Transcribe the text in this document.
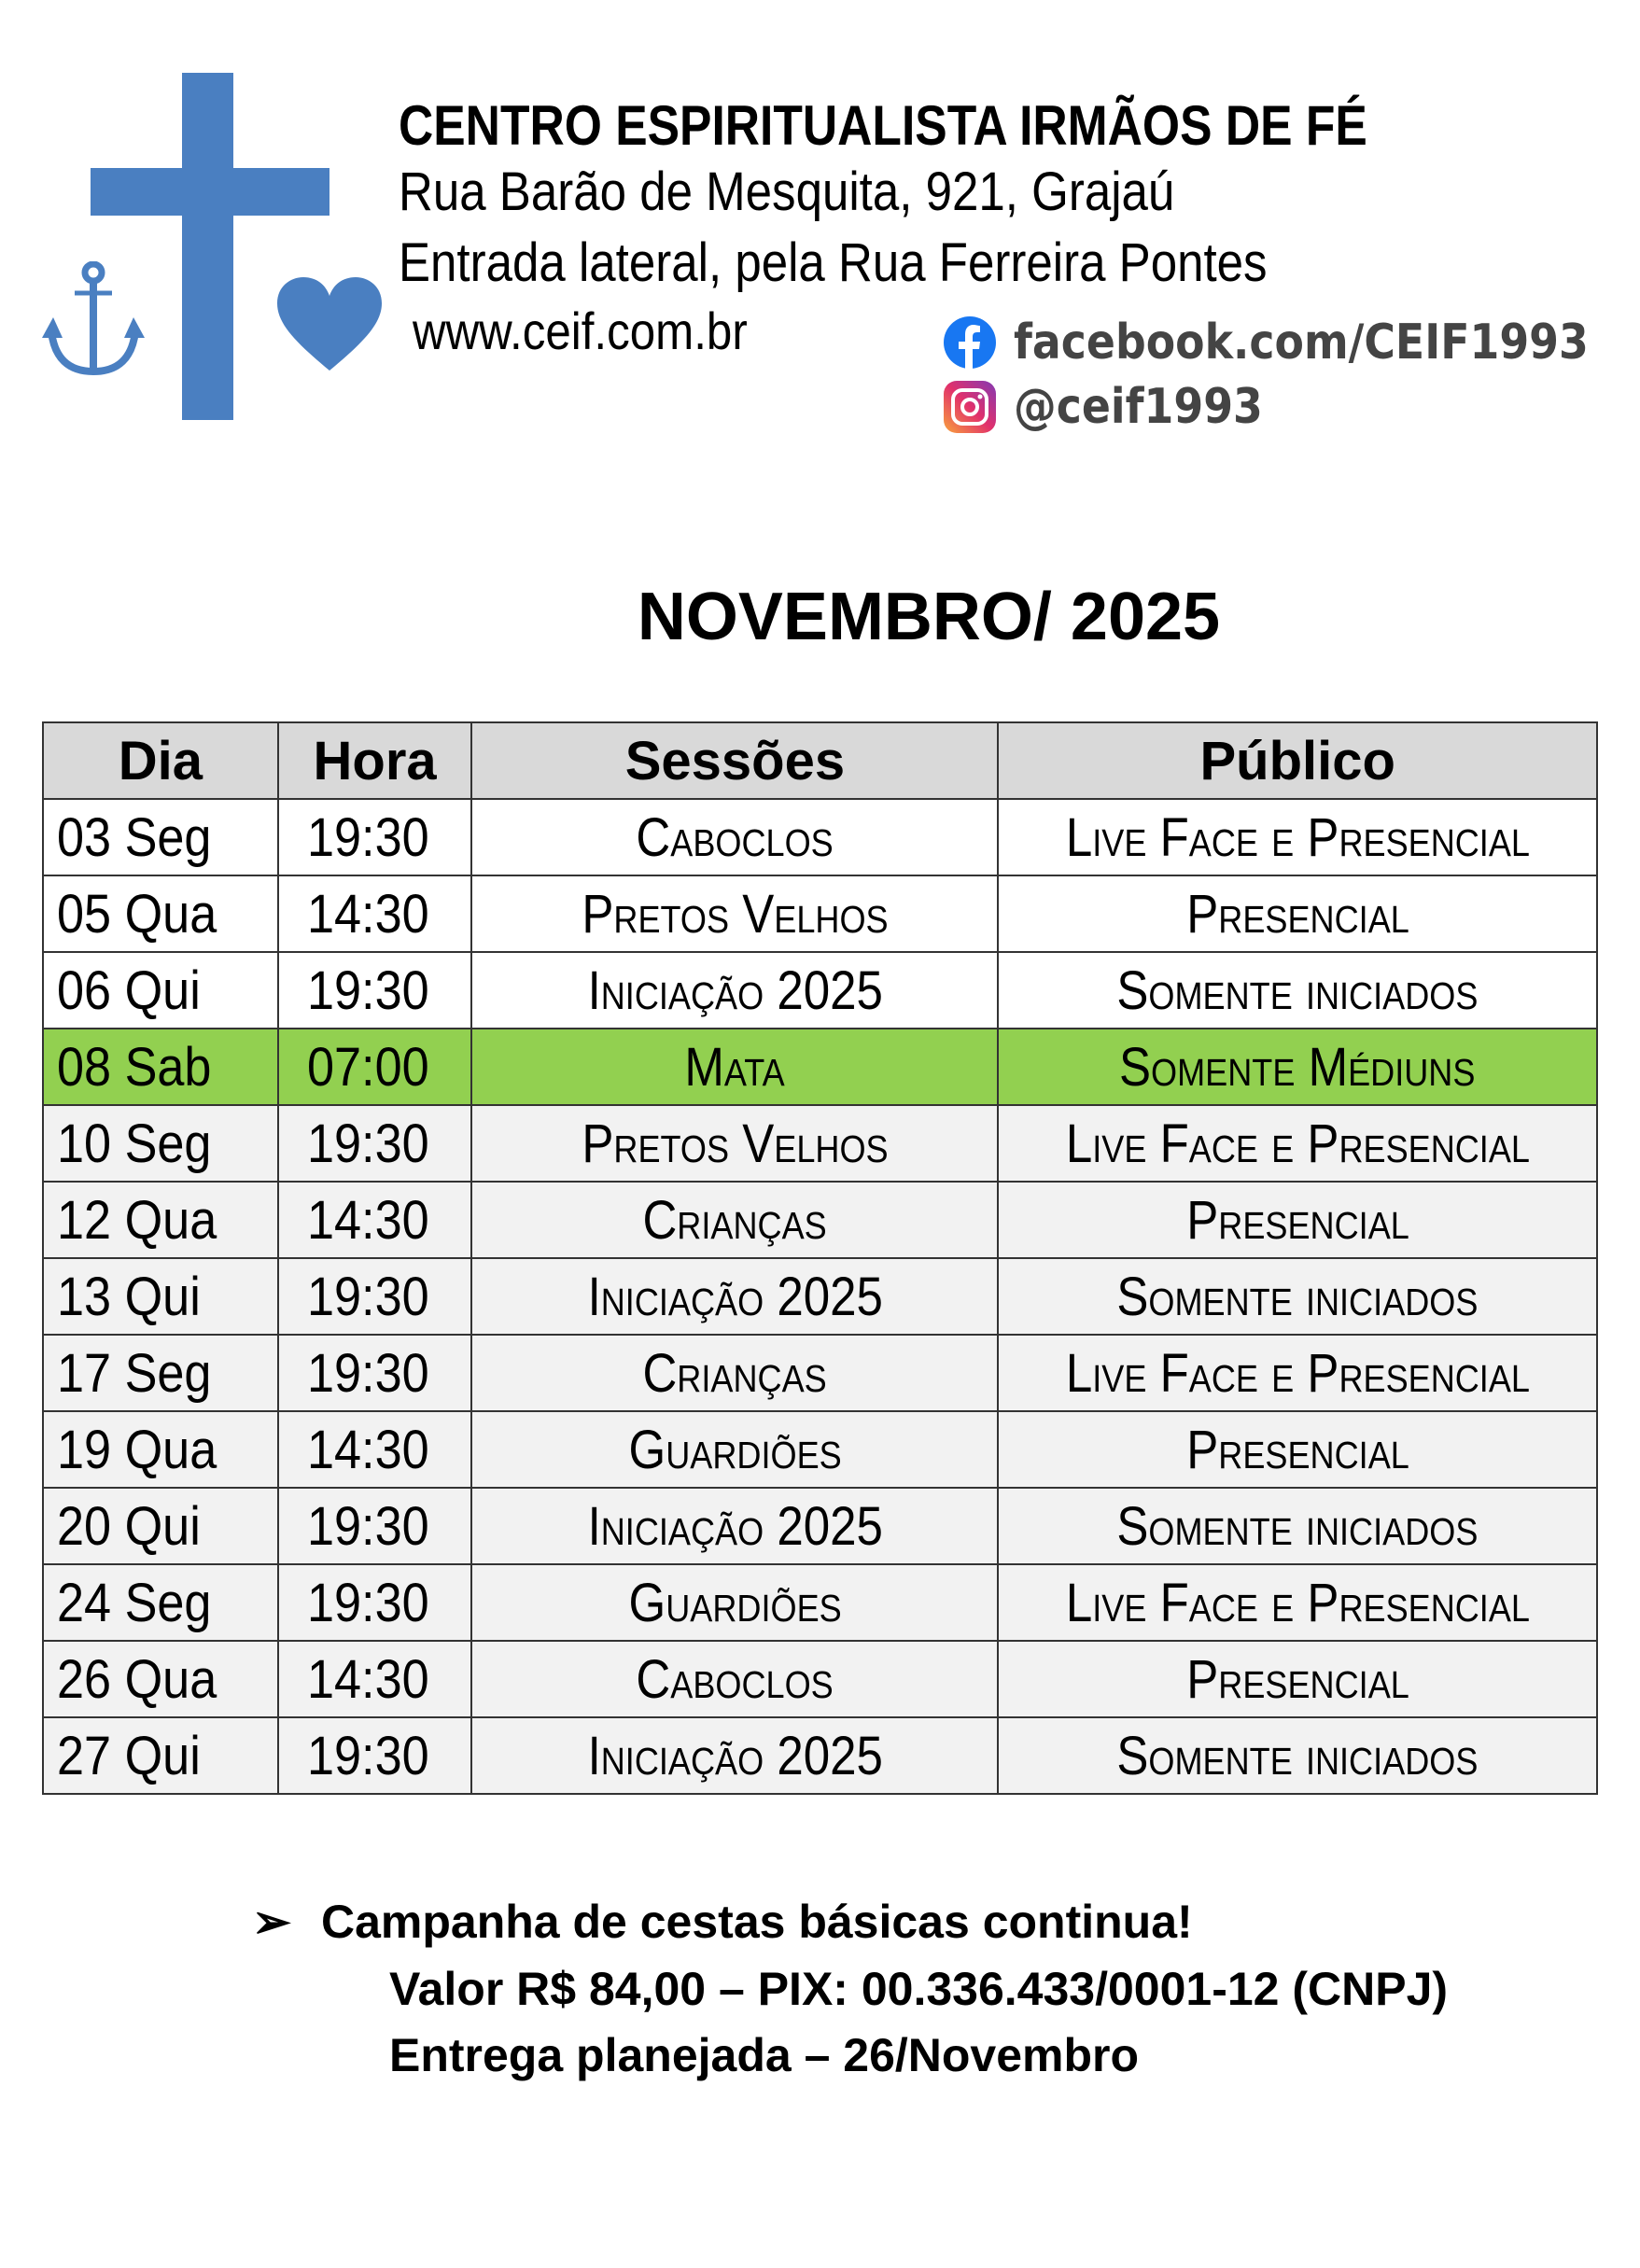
CENTRO ESPIRITUALISTA IRMÃOS DE FÉ
Rua Barão de Mesquita, 921, Grajaú
Entrada lateral, pela Rua Ferreira Pontes
www.ceif.com.br	facebook.com/CEIF1993
@ceif1993
NOVEMBRO/ 2025
Dia	Hora	Sessões	Público
03 Seg	19:30	Caboclos	Live Face e Presencial
05 Qua	14:30	Pretos Velhos	Presencial
06 Qui	19:30	Iniciação 2025	Somente iniciados
08 Sab	07:00	Mata	Somente Médiuns
10 Seg	19:30	Pretos Velhos	Live Face e Presencial
12 Qua	14:30	Crianças	Presencial
13 Qui	19:30	Iniciação 2025	Somente iniciados
17 Seg	19:30	Crianças	Live Face e Presencial
19 Qua	14:30	Guardiões	Presencial
20 Qui	19:30	Iniciação 2025	Somente iniciados
24 Seg	19:30	Guardiões	Live Face e Presencial
26 Qua	14:30	Caboclos	Presencial
27 Qui	19:30	Iniciação 2025	Somente iniciados
➢ Campanha de cestas básicas continua!
Valor R$ 84,00 – PIX: 00.336.433/0001-12 (CNPJ)
Entrega planejada – 26/Novembro
